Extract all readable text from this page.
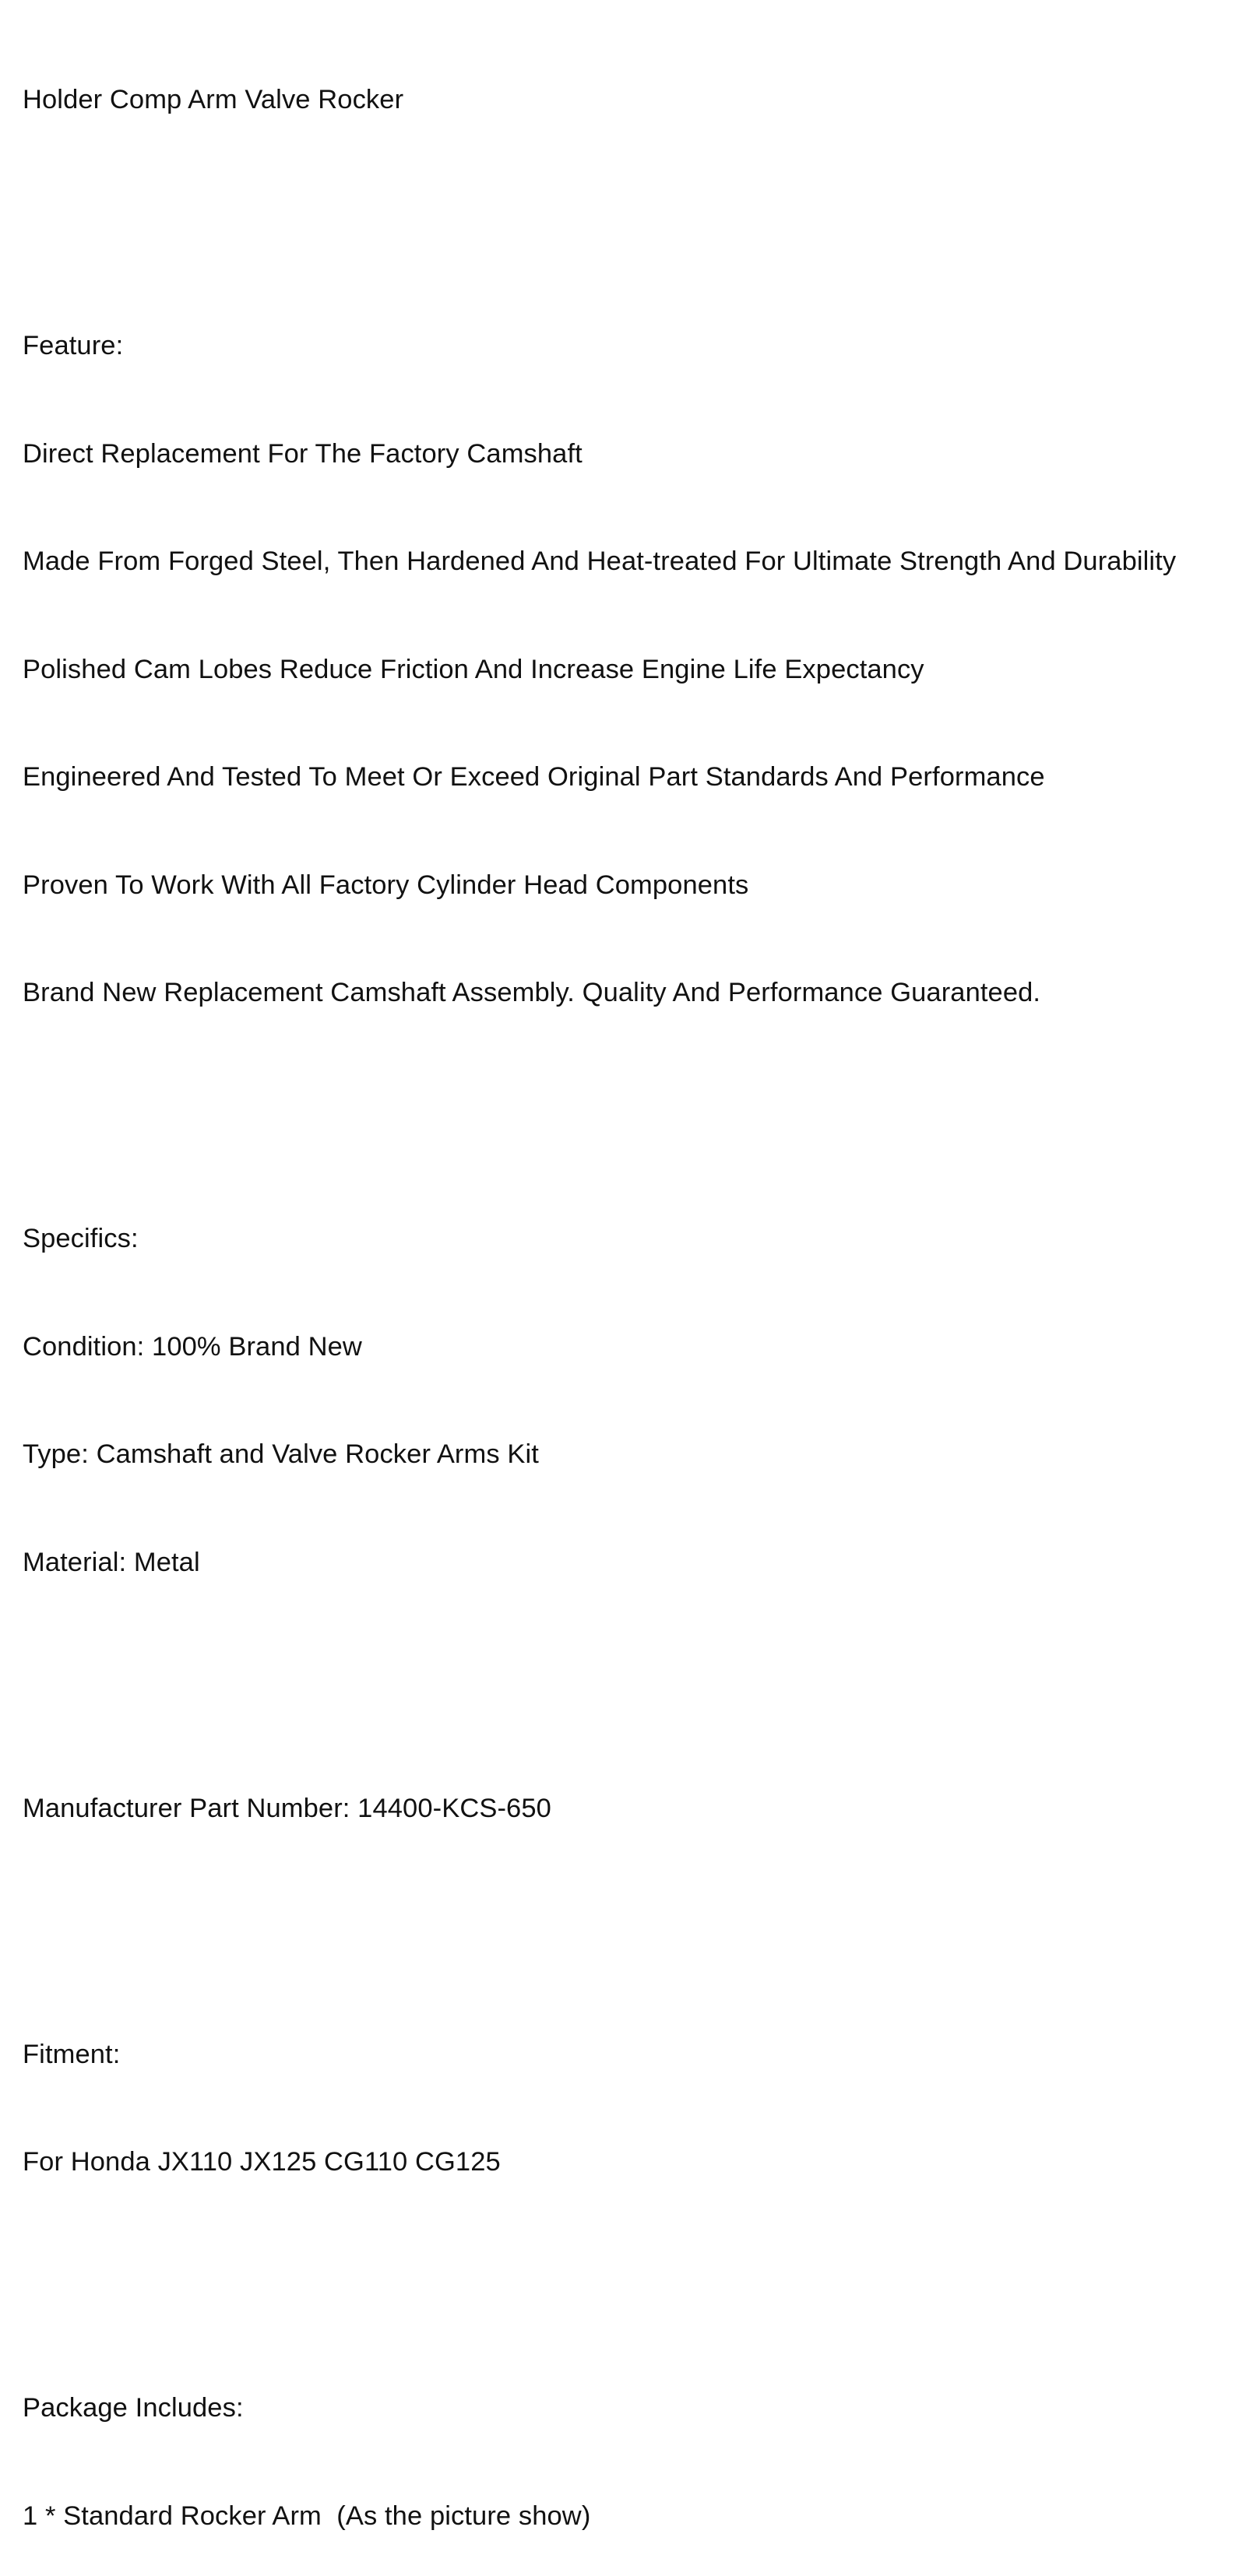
Holder Comp Arm Valve Rocker

Feature:

Direct Replacement For The Factory Camshaft

Made From Forged Steel, Then Hardened And Heat-treated For Ultimate Strength And Durability

Polished Cam Lobes Reduce Friction And Increase Engine Life Expectancy

Engineered And Tested To Meet Or Exceed Original Part Standards And Performance

Proven To Work With All Factory Cylinder Head Components

Brand New Replacement Camshaft Assembly. Quality And Performance Guaranteed.

Specifics:

Condition: 100% Brand New

Type: Camshaft and Valve Rocker Arms Kit

Material: Metal

Manufacturer Part Number: 14400-KCS-650

Fitment:

For Honda JX110 JX125 CG110 CG125

Package Includes:

1 * Standard Rocker Arm  (As the picture show)
